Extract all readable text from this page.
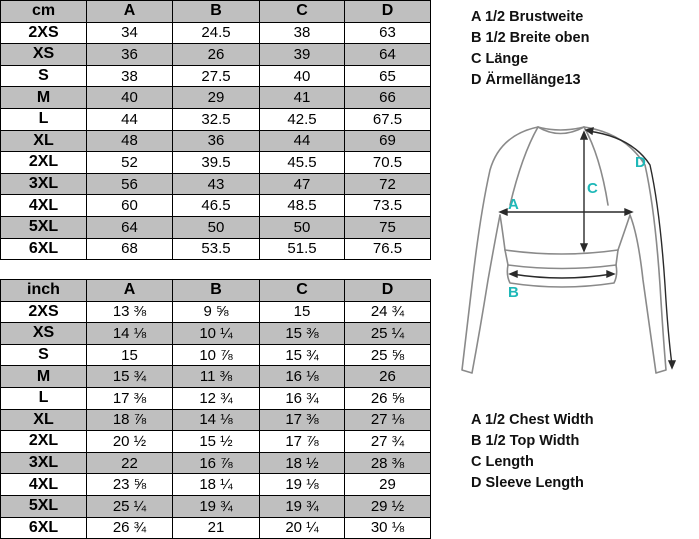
cm	A	B	C	D
2XS	34	24.5	38	63
XS	36	26	39	64
S	38	27.5	40	65
M	40	29	41	66
L	44	32.5	42.5	67.5
XL	48	36	44	69
2XL	52	39.5	45.5	70.5
3XL	56	43	47	72
4XL	60	46.5	48.5	73.5
5XL	64	50	50	75
6XL	68	53.5	51.5	76.5
inch	A	B	C	D
2XS	13 ⅜	9 ⅝	15	24 ¾
XS	14 ⅛	10 ¼	15 ⅜	25 ¼
S	15	10 ⅞	15 ¾	25 ⅝
M	15 ¾	11 ⅜	16 ⅛	26
L	17 ⅜	12 ¾	16 ¾	26 ⅝
XL	18 ⅞	14 ⅛	17 ⅜	27 ⅛
2XL	20 ½	15 ½	17 ⅞	27 ¾
3XL	22	16 ⅞	18 ½	28 ⅜
4XL	23 ⅝	18 ¼	19 ⅛	29
5XL	25 ¼	19 ¾	19 ¾	29 ½
6XL	26 ¾	21	20 ¼	30 ⅛
A 1/2 Brustweite
B 1/2 Breite oben
C Länge
D Ärmellänge13
A
B
C
D
A 1/2 Chest Width
B 1/2 Top Width
C Length
D Sleeve Length
